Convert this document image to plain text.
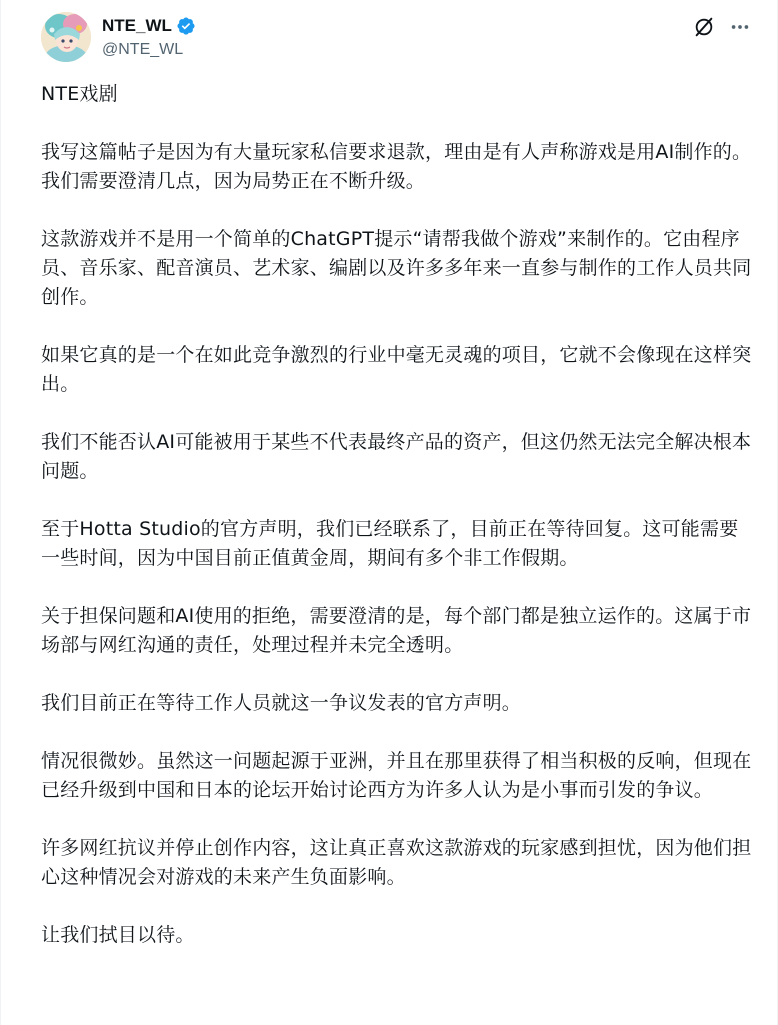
NTE_WL
@NTE_WL

NTE戏剧

我写这篇帖子是因为有大量玩家私信要求退款，理由是有人声称游戏是用AI制作的。我们需要澄清几点，因为局势正在不断升级。

这款游戏并不是用一个简单的ChatGPT提示“请帮我做个游戏”来制作的。它由程序员、音乐家、配音演员、艺术家、编剧以及许多多年来一直参与制作的工作人员共同创作。

如果它真的是一个在如此竞争激烈的行业中毫无灵魂的项目，它就不会像现在这样突出。

我们不能否认AI可能被用于某些不代表最终产品的资产，但这仍然无法完全解决根本问题。

至于Hotta Studio的官方声明，我们已经联系了，目前正在等待回复。这可能需要一些时间，因为中国目前正值黄金周，期间有多个非工作假期。

关于担保问题和AI使用的拒绝，需要澄清的是，每个部门都是独立运作的。这属于市场部与网红沟通的责任，处理过程并未完全透明。

我们目前正在等待工作人员就这一争议发表的官方声明。

情况很微妙。虽然这一问题起源于亚洲，并且在那里获得了相当积极的反响，但现在已经升级到中国和日本的论坛开始讨论西方为许多人认为是小事而引发的争议。

许多网红抗议并停止创作内容，这让真正喜欢这款游戏的玩家感到担忧，因为他们担心这种情况会对游戏的未来产生负面影响。

让我们拭目以待。
